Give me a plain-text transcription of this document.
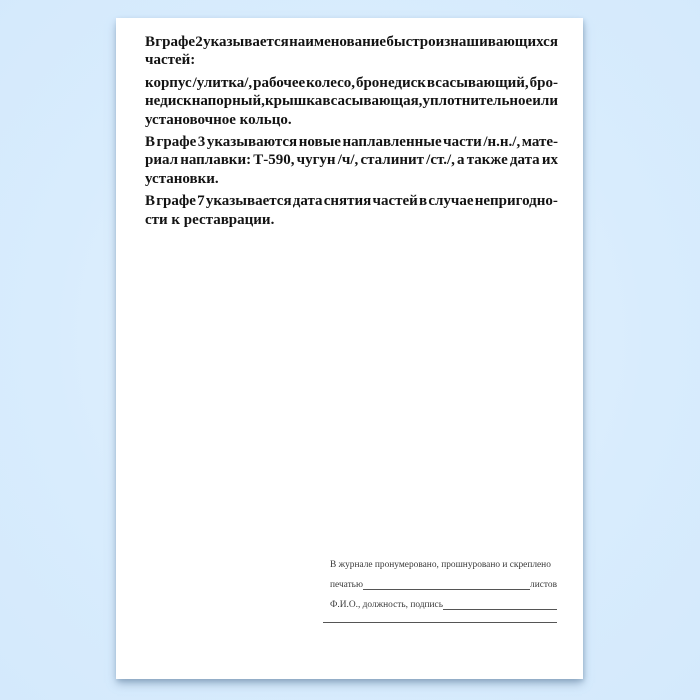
В графе 2 указывается наименование быстроизнашивающихся
частей:
корпус /улитка/, рабочее колесо, бронедиск всасывающий, бро-
недиск напорный, крышка всасывающая, уплотнительное или
установочное кольцо.
В графе 3 указываются новые наплавленные части /н.н./, мате-
риал наплавки: Т-590, чугун /ч/, сталинит /ст./, а также дата их
установки.
В графе 7 указывается дата снятия частей в случае непригодно-
сти к реставрации.
В журнале пронумеровано, прошнуровано и скреплено
печатью	листов
Ф.И.О., должность, подпись
